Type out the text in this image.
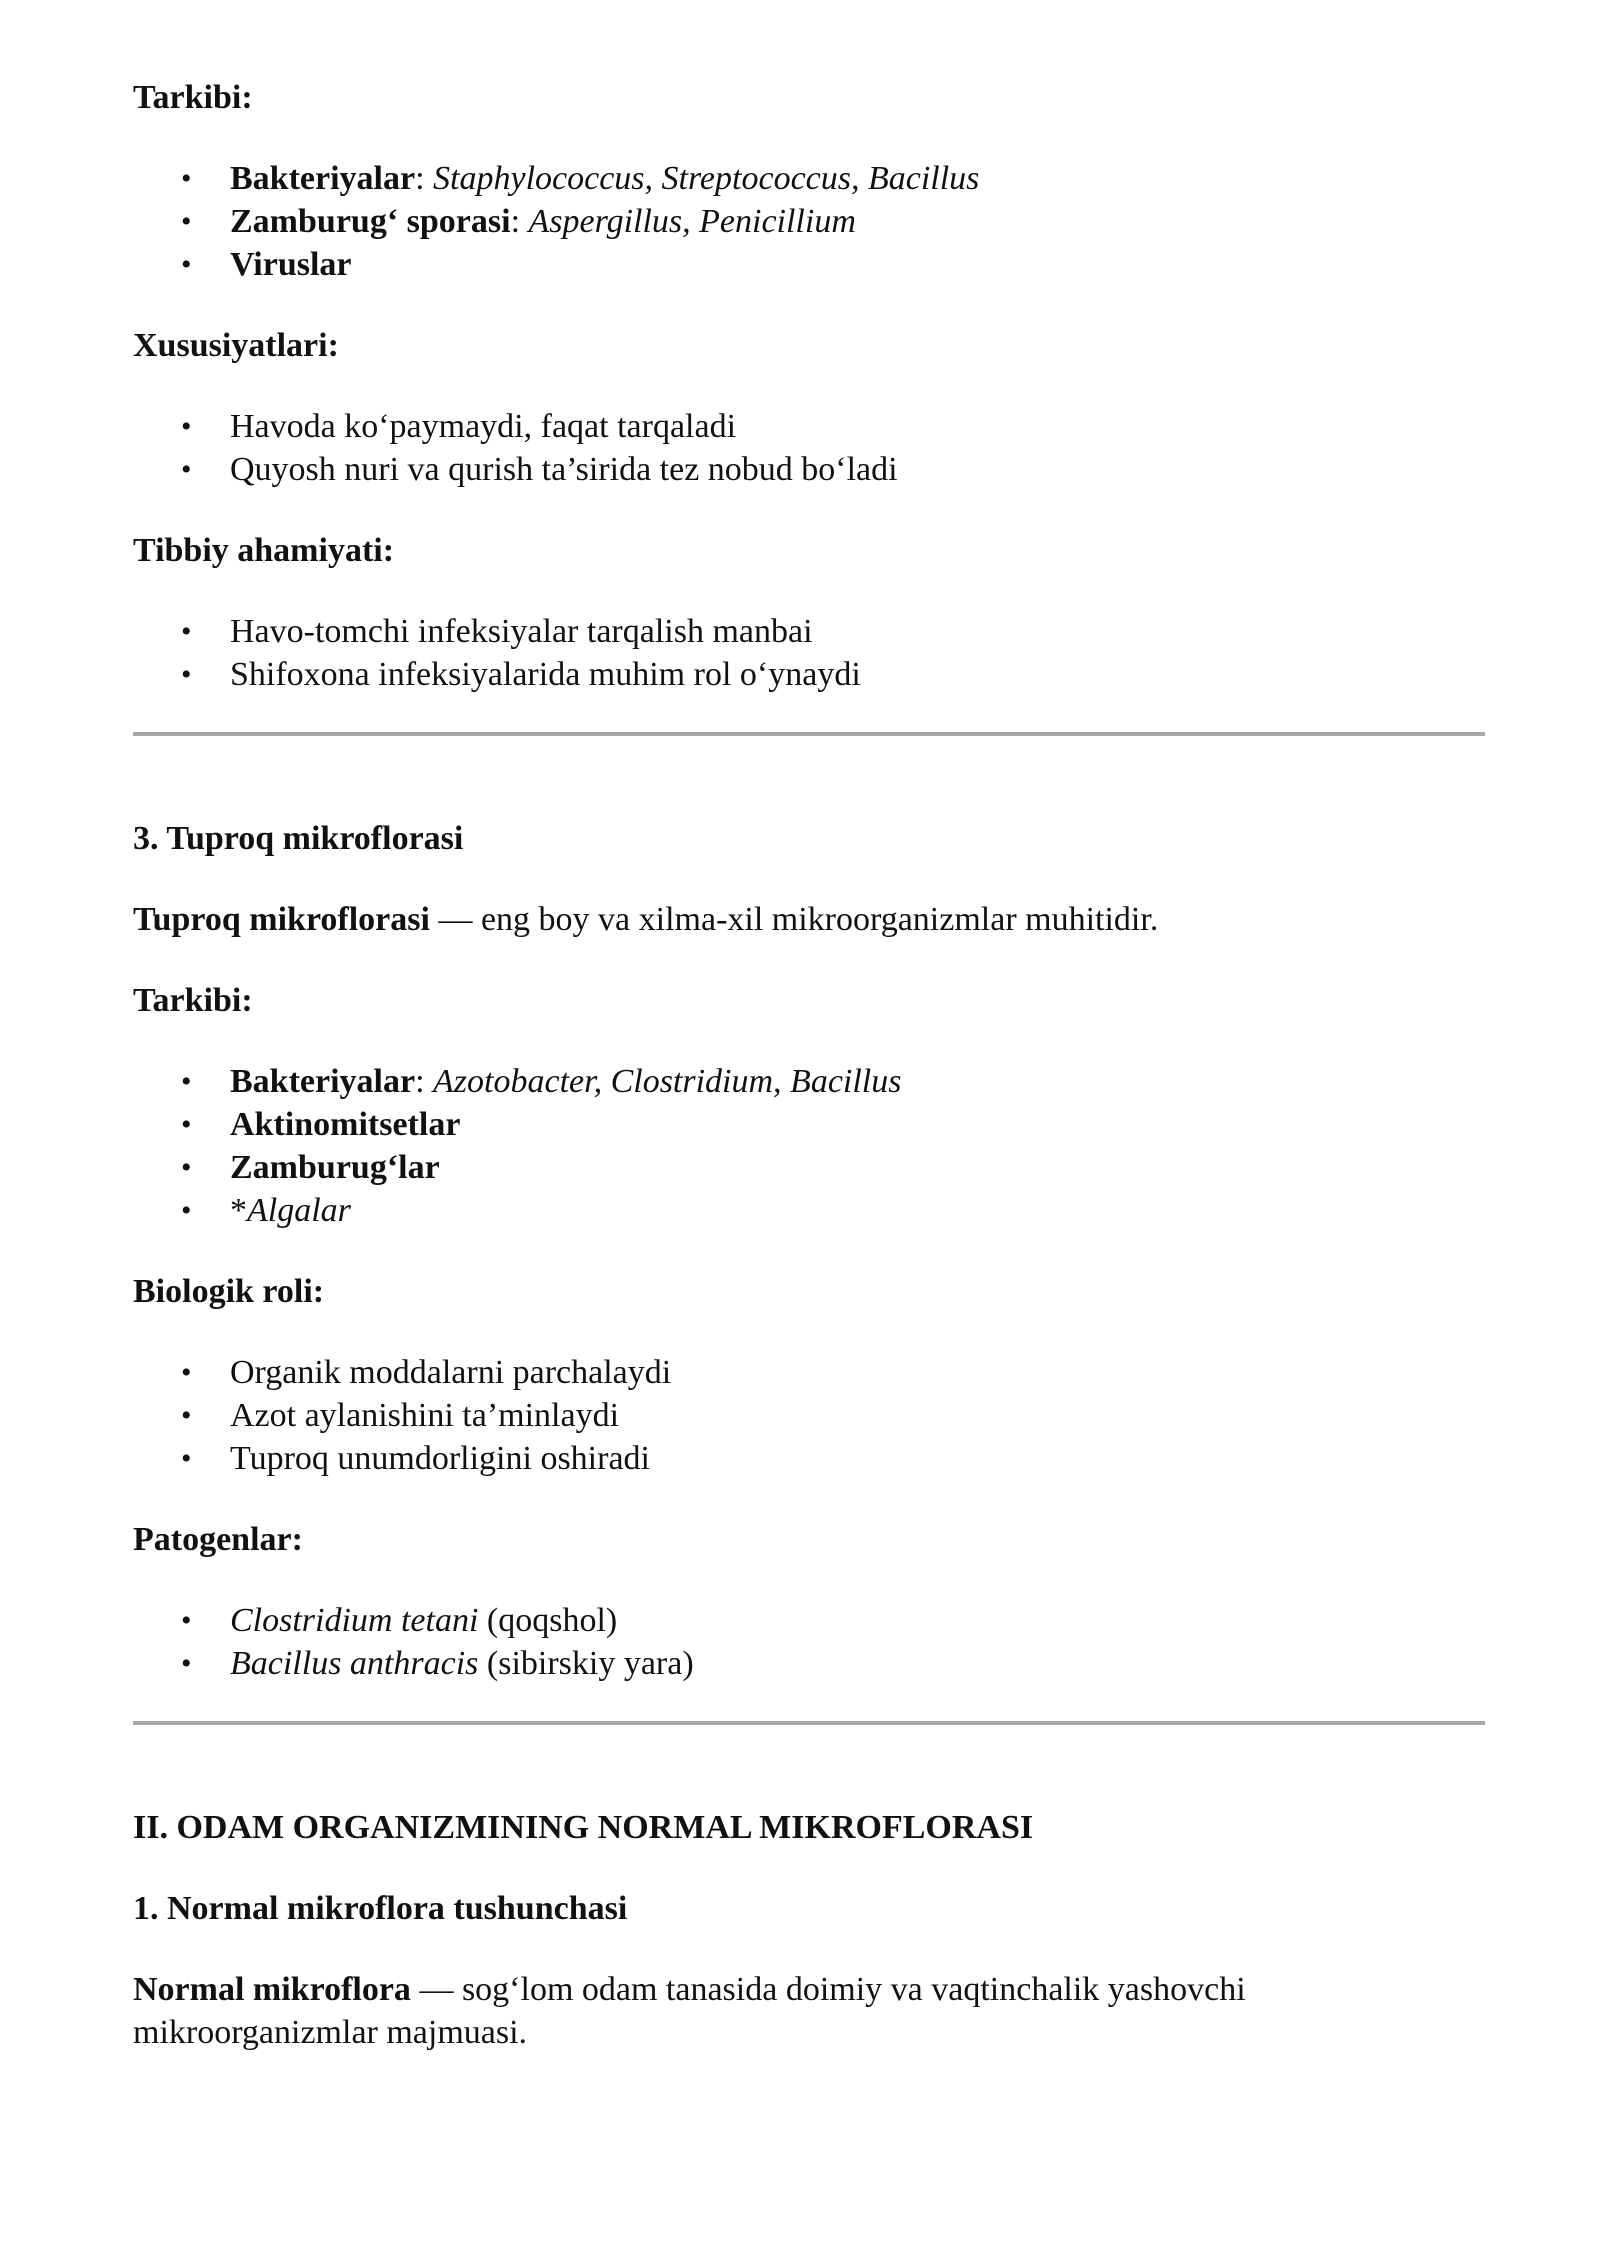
Tarkibi:
• Bakteriyalar: Staphylococcus, Streptococcus, Bacillus
• Zamburug‘ sporasi: Aspergillus, Penicillium
• Viruslar
Xususiyatlari:
• Havoda ko‘paymaydi, faqat tarqaladi
• Quyosh nuri va qurish ta’sirida tez nobud bo‘ladi
Tibbiy ahamiyati:
• Havo-tomchi infeksiyalar tarqalish manbai
• Shifoxona infeksiyalarida muhim rol o‘ynaydi
3. Tuproq mikroflorasi

Tuproq mikroflorasi — eng boy va xilma-xil mikroorganizmlar muhitidir.

Tarkibi:
• Bakteriyalar: Azotobacter, Clostridium, Bacillus
• Aktinomitsetlar
• Zamburug‘lar
• *Algalar
Biologik roli:
• Organik moddalarni parchalaydi
• Azot aylanishini ta’minlaydi
• Tuproq unumdorligini oshiradi
Patogenlar:
• Clostridium tetani (qoqshol)
• Bacillus anthracis (sibirskiy yara)
II. ODAM ORGANIZMINING NORMAL MIKROFLORASI
1. Normal mikroflora tushunchasi

Normal mikroflora — sog‘lom odam tanasida doimiy va vaqtinchalik yashovchi mikroorganizmlar majmuasi.
